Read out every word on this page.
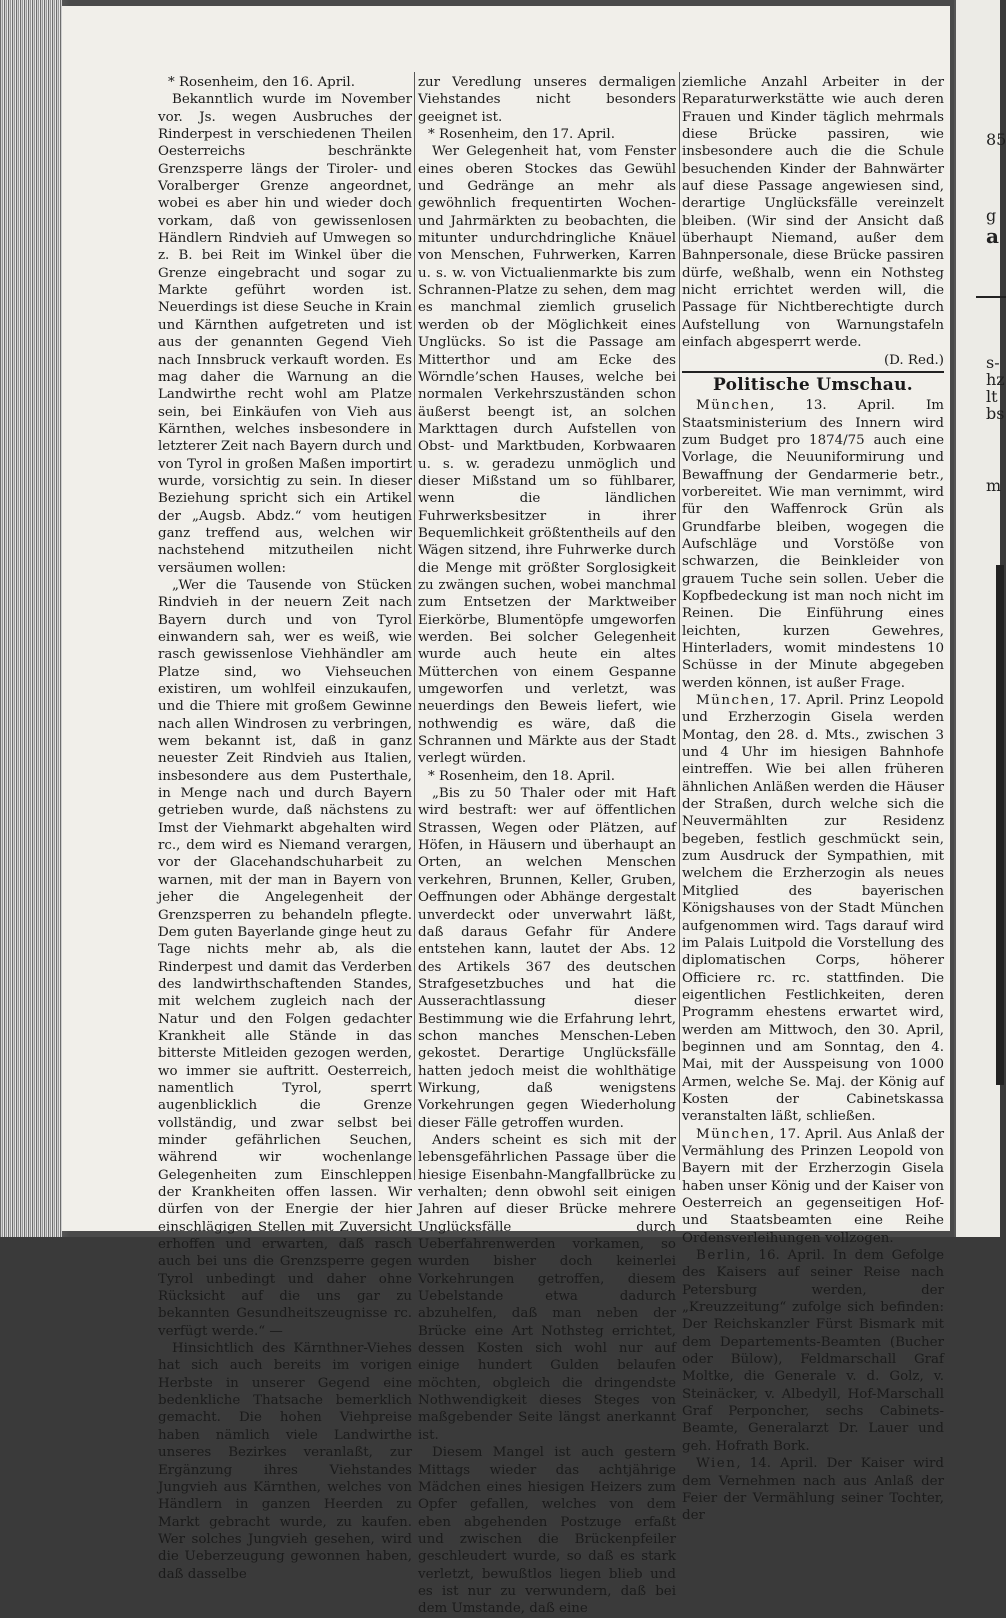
* Rosenheim, den 16. April.

Bekanntlich wurde im November vor. Js. wegen Ausbruches der Rinderpest in verschiedenen Theilen Oesterreichs beschränkte Grenzsperre längs der Tiroler- und Voralberger Grenze angeordnet, wobei es aber hin und wieder doch vorkam, daß von gewissenlosen Händlern Rindvieh auf Umwegen so z. B. bei Reit im Winkel über die Grenze eingebracht und sogar zu Markte geführt worden ist. Neuerdings ist diese Seuche in Krain und Kärnthen aufgetreten und ist aus der genannten Gegend Vieh nach Innsbruck verkauft worden. Es mag daher die Warnung an die Landwirthe recht wohl am Platze sein, bei Einkäufen von Vieh aus Kärnthen, welches insbesondere in letzterer Zeit nach Bayern durch und von Tyrol in großen Maßen importirt wurde, vorsichtig zu sein. In dieser Beziehung spricht sich ein Artikel der „Augsb. Abdz.“ vom heutigen ganz treffend aus, welchen wir nachstehend mitzutheilen nicht versäumen wollen:

„Wer die Tausende von Stücken Rindvieh in der neuern Zeit nach Bayern durch und von Tyrol einwandern sah, wer es weiß, wie rasch gewissenlose Viehhändler am Platze sind, wo Viehseuchen existiren, um wohlfeil einzukaufen, und die Thiere mit großem Gewinne nach allen Windrosen zu verbringen, wem bekannt ist, daß in ganz neuester Zeit Rindvieh aus Italien, insbesondere aus dem Pusterthale, in Menge nach und durch Bayern getrieben wurde, daß nächstens zu Imst der Viehmarkt abgehalten wird rc., dem wird es Niemand verargen, vor der Glacehandschuharbeit zu warnen, mit der man in Bayern von jeher die Angelegenheit der Grenzsperren zu behandeln pflegte. Dem guten Bayerlande ginge heut zu Tage nichts mehr ab, als die Rinderpest und damit das Verderben des landwirthschaftenden Standes, mit welchem zugleich nach der Natur und den Folgen gedachter Krankheit alle Stände in das bitterste Mitleiden gezogen werden, wo immer sie auftritt. Oesterreich, namentlich Tyrol, sperrt augenblicklich die Grenze vollständig, und zwar selbst bei minder gefährlichen Seuchen, während wir wochenlange Gelegenheiten zum Einschleppen der Krankheiten offen lassen. Wir dürfen von der Energie der hier einschlägigen Stellen mit Zuversicht erhoffen und erwarten, daß rasch auch bei uns die Grenzsperre gegen Tyrol unbedingt und daher ohne Rücksicht auf die uns gar zu bekannten Gesundheitszeugnisse rc. verfügt werde.“ —

Hinsichtlich des Kärnthner-Viehes hat sich auch bereits im vorigen Herbste in unserer Gegend eine bedenkliche Thatsache bemerklich gemacht. Die hohen Viehpreise haben nämlich viele Landwirthe unseres Bezirkes veranlaßt, zur Ergänzung ihres Viehstandes Jungvieh aus Kärnthen, welches von Händlern in ganzen Heerden zu Markt gebracht wurde, zu kaufen. Wer solches Jungvieh gesehen, wird die Ueberzeugung gewonnen haben, daß dasselbe

zur Veredlung unseres dermaligen Viehstandes nicht besonders geeignet ist.

* Rosenheim, den 17. April.

Wer Gelegenheit hat, vom Fenster eines oberen Stockes das Gewühl und Gedränge an mehr als gewöhnlich frequentirten Wochen- und Jahrmärkten zu beobachten, die mitunter undurchdringliche Knäuel von Menschen, Fuhrwerken, Karren u. s. w. von Victualienmarkte bis zum Schrannen-Platze zu sehen, dem mag es manchmal ziemlich gruselich werden ob der Möglichkeit eines Unglücks. So ist die Passage am Mitterthor und am Ecke des Wörndle’schen Hauses, welche bei normalen Verkehrszuständen schon äußerst beengt ist, an solchen Markttagen durch Aufstellen von Obst- und Marktbuden, Korbwaaren u. s. w. geradezu unmöglich und dieser Mißstand um so fühlbarer, wenn die ländlichen Fuhrwerksbesitzer in ihrer Bequemlichkeit größtentheils auf den Wägen sitzend, ihre Fuhrwerke durch die Menge mit größter Sorglosigkeit zu zwängen suchen, wobei manchmal zum Entsetzen der Marktweiber Eierkörbe, Blumentöpfe umgeworfen werden. Bei solcher Gelegenheit wurde auch heute ein altes Mütterchen von einem Gespanne umgeworfen und verletzt, was neuerdings den Beweis liefert, wie nothwendig es wäre, daß die Schrannen und Märkte aus der Stadt verlegt würden.

* Rosenheim, den 18. April.

„Bis zu 50 Thaler oder mit Haft wird bestraft: wer auf öffentlichen Strassen, Wegen oder Plätzen, auf Höfen, in Häusern und überhaupt an Orten, an welchen Menschen verkehren, Brunnen, Keller, Gruben, Oeffnungen oder Abhänge dergestalt unverdeckt oder unverwahrt läßt, daß daraus Gefahr für Andere entstehen kann, lautet der Abs. 12 des Artikels 367 des deutschen Strafgesetzbuches und hat die Ausserachtlassung dieser Bestimmung wie die Erfahrung lehrt, schon manches Menschen-Leben gekostet. Derartige Unglücksfälle hatten jedoch meist die wohlthätige Wirkung, daß wenigstens Vorkehrungen gegen Wiederholung dieser Fälle getroffen wurden.

Anders scheint es sich mit der lebensgefährlichen Passage über die hiesige Eisenbahn-Mangfallbrücke zu verhalten; denn obwohl seit einigen Jahren auf dieser Brücke mehrere Unglücksfälle durch Ueberfahrenwerden vorkamen, so wurden bisher doch keinerlei Vorkehrungen getroffen, diesem Uebelstande etwa dadurch abzuhelfen, daß man neben der Brücke eine Art Nothsteg errichtet, dessen Kosten sich wohl nur auf einige hundert Gulden belaufen möchten, obgleich die dringendste Nothwendigkeit dieses Steges von maßgebender Seite längst anerkannt ist.

Diesem Mangel ist auch gestern Mittags wieder das achtjährige Mädchen eines hiesigen Heizers zum Opfer gefallen, welches von dem eben abgehenden Postzuge erfaßt und zwischen die Brückenpfeiler geschleudert wurde, so daß es stark verletzt, bewußtlos liegen blieb und es ist nur zu verwundern, daß bei dem Umstande, daß eine

ziemliche Anzahl Arbeiter in der Reparaturwerkstätte wie auch deren Frauen und Kinder täglich mehrmals diese Brücke passiren, wie insbesondere auch die die Schule besuchenden Kinder der Bahnwärter auf diese Passage angewiesen sind, derartige Unglücksfälle vereinzelt bleiben. (Wir sind der Ansicht daß überhaupt Niemand, außer dem Bahnpersonale, diese Brücke passiren dürfe, weßhalb, wenn ein Nothsteg nicht errichtet werden will, die Passage für Nichtberechtigte durch Aufstellung von Warnungstafeln einfach abgesperrt werde.

(D. Red.)
Politische Umschau.

München, 13. April. Im Staatsministerium des Innern wird zum Budget pro 1874/75 auch eine Vorlage, die Neuuniformirung und Bewaffnung der Gendarmerie betr., vorbereitet. Wie man vernimmt, wird für den Waffenrock Grün als Grundfarbe bleiben, wogegen die Aufschläge und Vorstöße von schwarzen, die Beinkleider von grauem Tuche sein sollen. Ueber die Kopfbedeckung ist man noch nicht im Reinen. Die Einführung eines leichten, kurzen Gewehres, Hinterladers, womit mindestens 10 Schüsse in der Minute abgegeben werden können, ist außer Frage.

München, 17. April. Prinz Leopold und Erzherzogin Gisela werden Montag, den 28. d. Mts., zwischen 3 und 4 Uhr im hiesigen Bahnhofe eintreffen. Wie bei allen früheren ähnlichen Anläßen werden die Häuser der Straßen, durch welche sich die Neuvermählten zur Residenz begeben, festlich geschmückt sein, zum Ausdruck der Sympathien, mit welchem die Erzherzogin als neues Mitglied des bayerischen Königshauses von der Stadt München aufgenommen wird. Tags darauf wird im Palais Luitpold die Vorstellung des diplomatischen Corps, höherer Officiere rc. rc. stattfinden. Die eigentlichen Festlichkeiten, deren Programm ehestens erwartet wird, werden am Mittwoch, den 30. April, beginnen und am Sonntag, den 4. Mai, mit der Ausspeisung von 1000 Armen, welche Se. Maj. der König auf Kosten der Cabinetskassa veranstalten läßt, schließen.

München, 17. April. Aus Anlaß der Vermählung des Prinzen Leopold von Bayern mit der Erzherzogin Gisela haben unser König und der Kaiser von Oesterreich an gegenseitigen Hof- und Staatsbeamten eine Reihe Ordensverleihungen vollzogen.

Berlin, 16. April. In dem Gefolge des Kaisers auf seiner Reise nach Petersburg werden, der „Kreuzzeitung“ zufolge sich befinden: Der Reichskanzler Fürst Bismark mit dem Departements-Beamten (Bucher oder Bülow), Feldmarschall Graf Moltke, die Generale v. d. Golz, v. Steinäcker, v. Albedyll, Hof-Marschall Graf Perponcher, sechs Cabinets-Beamte, Generalarzt Dr. Lauer und geh. Hofrath Bork.

Wien, 14. April. Der Kaiser wird dem Vernehmen nach aus Anlaß der Feier der Vermählung seiner Tochter, der

85
g
a
s-
hz
lt
bs
m
